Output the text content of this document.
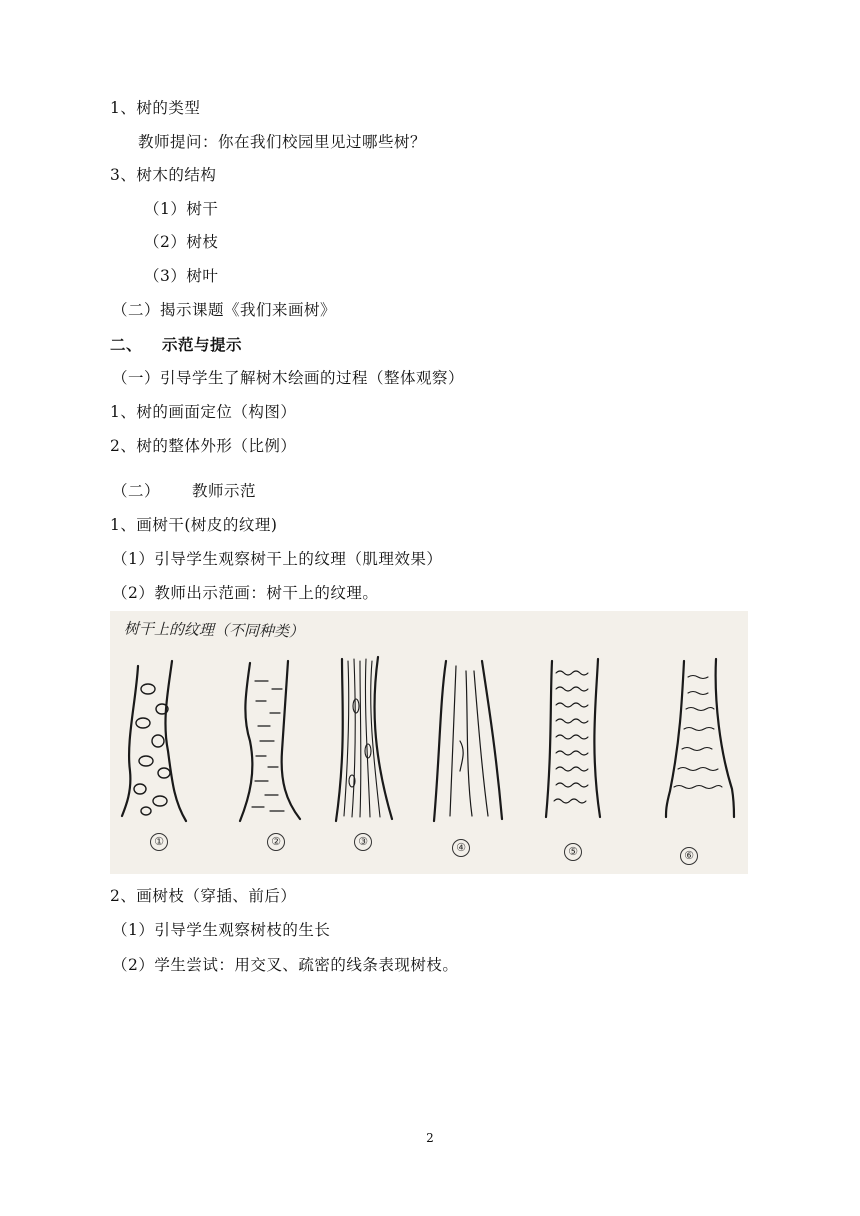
1、树的类型
教师提问：你在我们校园里见过哪些树？
3、树木的结构
（1）树干
（2）树枝
（3）树叶
（二）揭示课题《我们来画树》
二、 示范与提示
（一）引导学生了解树木绘画的过程（整体观察）
1、树的画面定位（构图）
2、树的整体外形（比例）
（二） 教师示范
1、画树干(树皮的纹理)
（1）引导学生观察树干上的纹理（肌理效果）
（2）教师出示范画：树干上的纹理。
树干上的纹理（不同种类）
①	②	③	④	⑤	⑥
2、画树枝（穿插、前后）
（1）引导学生观察树枝的生长
（2）学生尝试：用交叉、疏密的线条表现树枝。
2
